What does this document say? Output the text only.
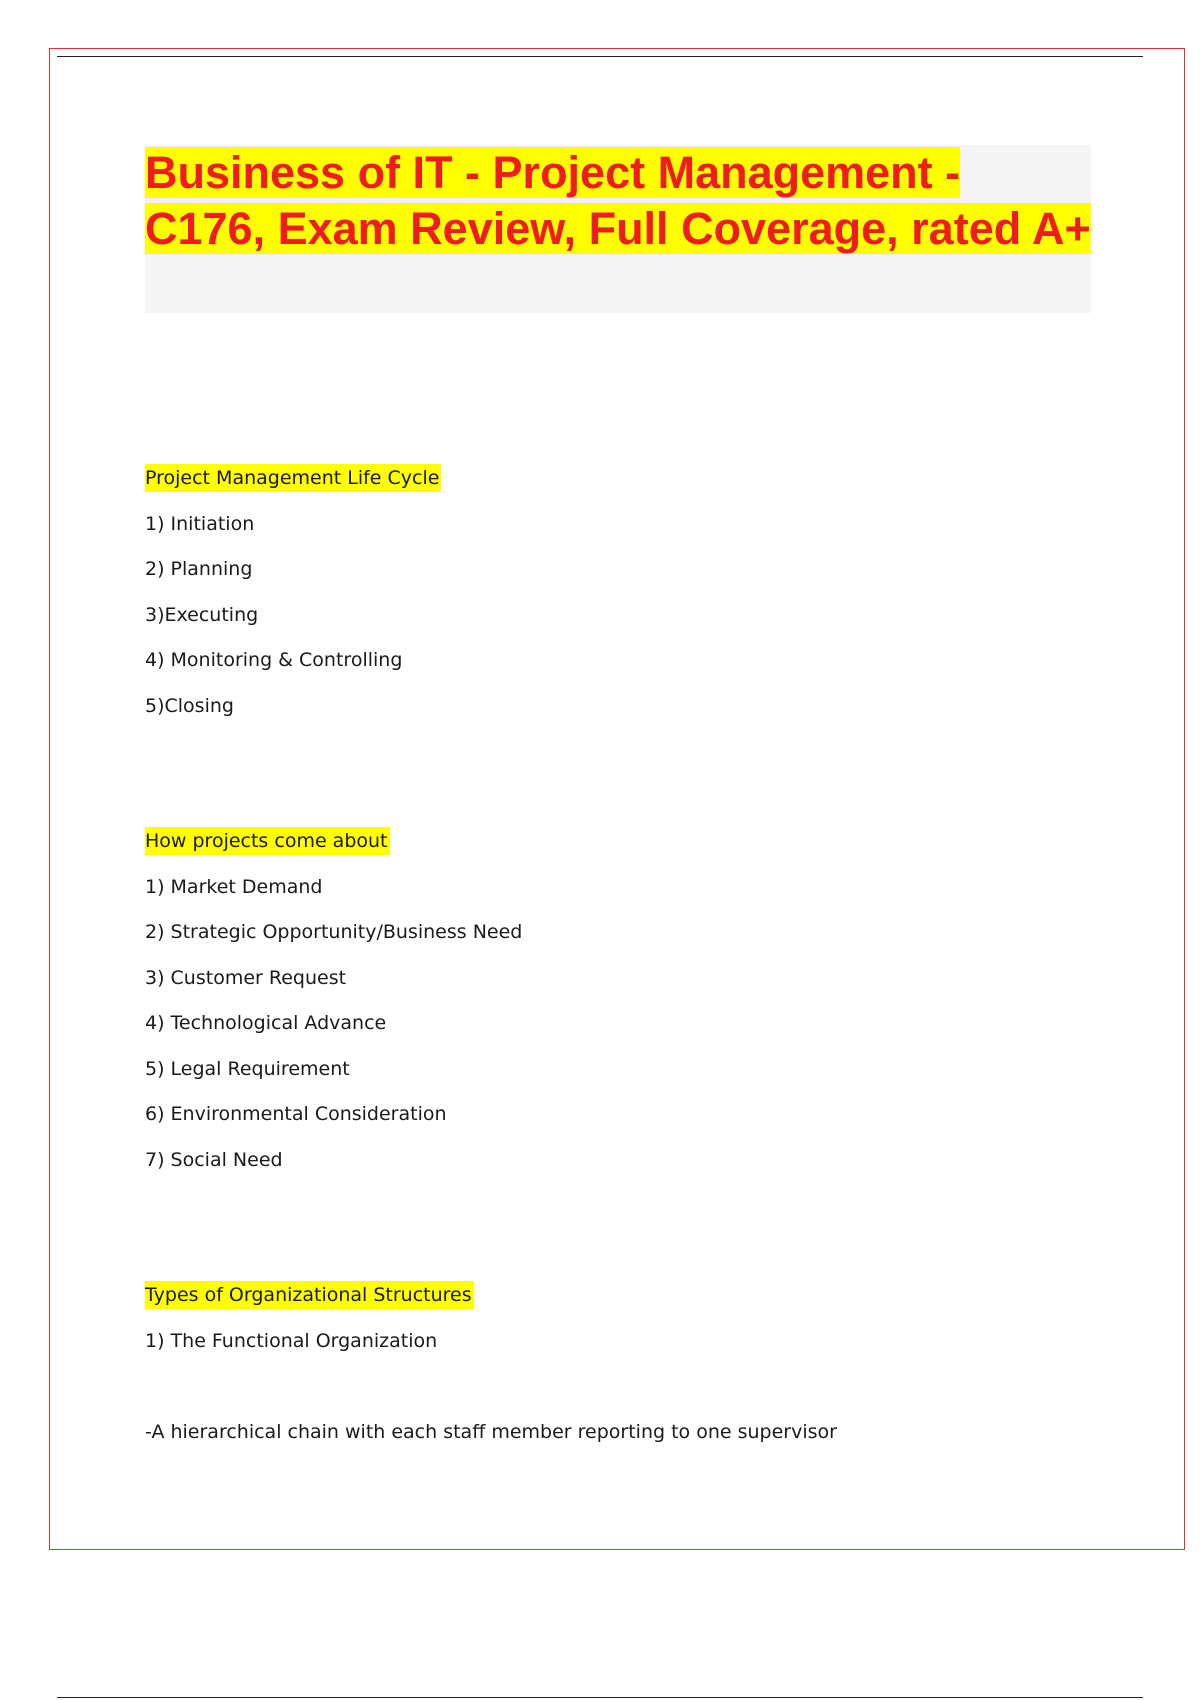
Business of IT - Project Management - C176, Exam Review, Full Coverage, rated A+
Project Management Life Cycle

1) Initiation

2) Planning

3)Executing

4) Monitoring & Controlling

5)Closing

How projects come about

1) Market Demand

2) Strategic Opportunity/Business Need

3) Customer Request

4) Technological Advance

5) Legal Requirement

6) Environmental Consideration

7) Social Need

Types of Organizational Structures

1) The Functional Organization

-A hierarchical chain with each staff member reporting to one supervisor
